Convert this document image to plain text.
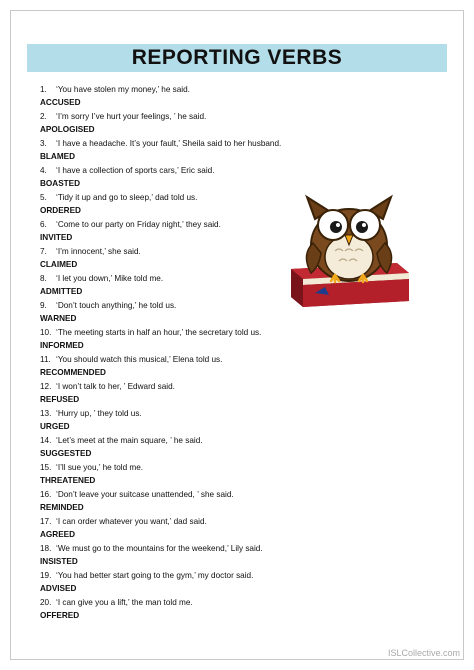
REPORTING VERBS
1. ‘You have stolen my money,’ he said.
ACCUSED
2. ‘I’m sorry I’ve hurt your feelings, ’ he said.
APOLOGISED
3. ‘I have a headache. It’s your fault,’ Sheila said to her husband.
BLAMED
4. ‘I have a collection of sports cars,’ Eric said.
BOASTED
5. ‘Tidy it up and go to sleep,’ dad told us.
ORDERED
6. ‘Come to our party on Friday night,’ they said.
INVITED
7. ‘I’m innocent,’ she said.
CLAIMED
8. ‘I let you down,’ Mike told me.
ADMITTED
9. ‘Don’t touch anything,’ he told us.
WARNED
10. ‘The meeting starts in half an hour,’ the secretary told us.
INFORMED
11. ‘You should watch this musical,’ Elena told us.
RECOMMENDED
12. ‘I won’t talk to her, ’ Edward said.
REFUSED
13. ‘Hurry up, ’ they told us.
URGED
14. ‘Let’s meet at the main square, ’ he said.
SUGGESTED
15. ‘I’ll sue you,’ he told me.
THREATENED
16. ‘Don’t leave your suitcase unattended, ’ she said.
REMINDED
17. ‘I can order whatever you want,’ dad said.
AGREED
18. ‘We must go to the mountains for the weekend,’ Lily said.
INSISTED
19. ‘You had better start going to the gym,’ my doctor said.
ADVISED
20. ‘I can give you a lift,’ the man told me.
OFFERED
ISLCollective.com
